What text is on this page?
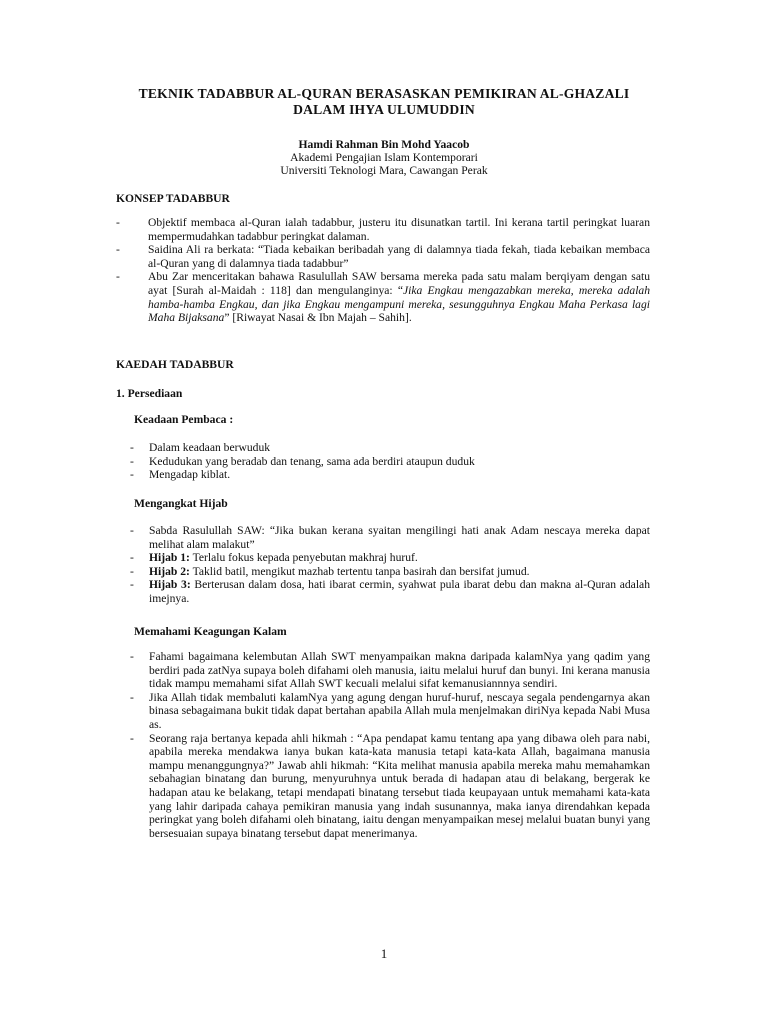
TEKNIK TADABBUR AL-QURAN BERASASKAN PEMIKIRAN AL-GHAZALI
DALAM IHYA ULUMUDDIN
Hamdi Rahman Bin Mohd Yaacob
Akademi Pengajian Islam Kontemporari
Universiti Teknologi Mara, Cawangan Perak
KONSEP TADABBUR
- Objektif membaca al-Quran ialah tadabbur, justeru itu disunatkan tartil. Ini kerana tartil peringkat luaran mempermudahkan tadabbur peringkat dalaman.
- Saidina Ali ra berkata: “Tiada kebaikan beribadah yang di dalamnya tiada fekah, tiada kebaikan membaca al-Quran yang di dalamnya tiada tadabbur”
- Abu Zar menceritakan bahawa Rasulullah SAW bersama mereka pada satu malam berqiyam dengan satu ayat [Surah al-Maidah : 118] dan mengulanginya: “Jika Engkau mengazabkan mereka, mereka adalah hamba-hamba Engkau, dan jika Engkau mengampuni mereka, sesungguhnya Engkau Maha Perkasa lagi Maha Bijaksana” [Riwayat Nasai & Ibn Majah – Sahih].
KAEDAH TADABBUR
1. Persediaan
Keadaan Pembaca :
- Dalam keadaan berwuduk
- Kedudukan yang beradab dan tenang, sama ada berdiri ataupun duduk
- Mengadap kiblat.
Mengangkat Hijab
- Sabda Rasulullah SAW: “Jika bukan kerana syaitan mengilingi hati anak Adam nescaya mereka dapat melihat alam malakut”
- Hijab 1: Terlalu fokus kepada penyebutan makhraj huruf.
- Hijab 2: Taklid batil, mengikut mazhab tertentu tanpa basirah dan bersifat jumud.
- Hijab 3: Berterusan dalam dosa, hati ibarat cermin, syahwat pula ibarat debu dan makna al-Quran adalah imejnya.
Memahami Keagungan Kalam
- Fahami bagaimana kelembutan Allah SWT menyampaikan makna daripada kalamNya yang qadim yang berdiri pada zatNya supaya boleh difahami oleh manusia, iaitu melalui huruf dan bunyi. Ini kerana manusia tidak mampu memahami sifat Allah SWT kecuali melalui sifat kemanusiannnya sendiri.
- Jika Allah tidak membaluti kalamNya yang agung dengan huruf-huruf, nescaya segala pendengarnya akan binasa sebagaimana bukit tidak dapat bertahan apabila Allah mula menjelmakan diriNya kepada Nabi Musa as.
- Seorang raja bertanya kepada ahli hikmah : “Apa pendapat kamu tentang apa yang dibawa oleh para nabi, apabila mereka mendakwa ianya bukan kata-kata manusia tetapi kata-kata Allah, bagaimana manusia mampu menanggungnya?” Jawab ahli hikmah: “Kita melihat manusia apabila mereka mahu memahamkan sebahagian binatang dan burung, menyuruhnya untuk berada di hadapan atau di belakang, bergerak ke hadapan atau ke belakang, tetapi mendapati binatang tersebut tiada keupayaan untuk memahami kata-kata yang lahir daripada cahaya pemikiran manusia yang indah susunannya, maka ianya direndahkan kepada peringkat yang boleh difahami oleh binatang, iaitu dengan menyampaikan mesej melalui buatan bunyi yang bersesuaian supaya binatang tersebut dapat menerimanya.
1
